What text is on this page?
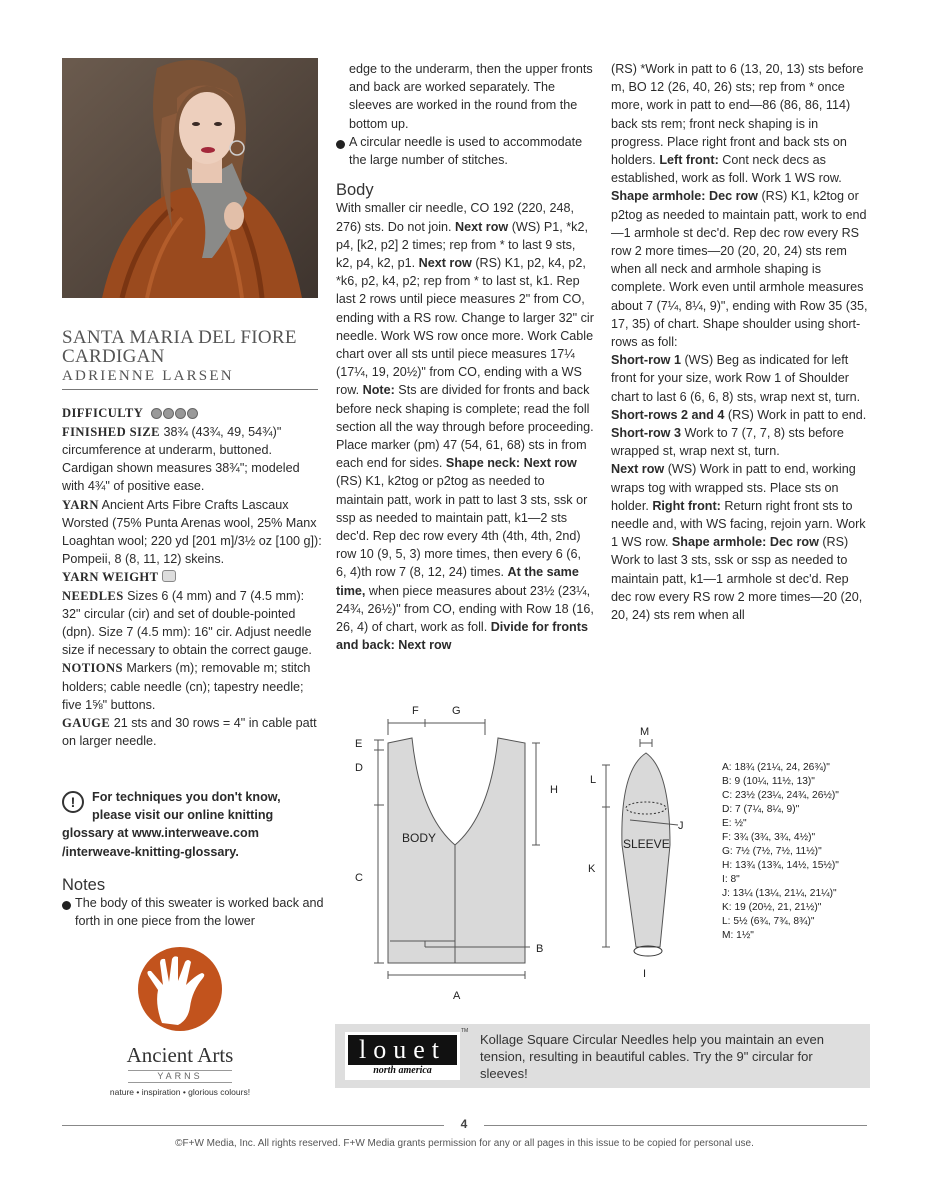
SANTA MARIA DEL FIORE CARDIGAN
ADRIENNE LARSEN

DIFFICULTY

FINISHED SIZE 38¾ (43¾, 49, 54¾)" circumference at underarm, buttoned. Cardigan shown measures 38¾"; modeled with 4¾" of positive ease.

YARN Ancient Arts Fibre Crafts Lascaux Worsted (75% Punta Arenas wool, 25% Manx Loaghtan wool; 220 yd [201 m]/3½ oz [100 g]): Pompeii, 8 (8, 11, 12) skeins.

YARN WEIGHT

NEEDLES Sizes 6 (4 mm) and 7 (4.5 mm): 32" circular (cir) and set of double-pointed (dpn). Size 7 (4.5 mm): 16" cir. Adjust needle size if necessary to obtain the correct gauge.

NOTIONS Markers (m); removable m; stitch holders; cable needle (cn); tapestry needle; five 1⅝" buttons.

GAUGE 21 sts and 30 rows = 4" in cable patt on larger needle.

!	For techniques you don't know,
please visit our online knitting
glossary at www.interweave.com
/interweave-knitting-glossary.
Notes

› The body of this sweater is worked back and forth in one piece from the lower

edge to the underarm, then the upper fronts and back are worked separately. The sleeves are worked in the round from the bottom up.

› A circular needle is used to accommodate the large number of stitches.

Body

With smaller cir needle, CO 192 (220, 248, 276) sts. Do not join. Next row (WS) P1, *k2, p4, [k2, p2] 2 times; rep from * to last 9 sts, k2, p4, k2, p1. Next row (RS) K1, p2, k4, p2, *k6, p2, k4, p2; rep from * to last st, k1. Rep last 2 rows until piece measures 2" from CO, ending with a RS row. Change to larger 32" cir needle. Work WS row once more. Work Cable chart over all sts until piece measures 17¼ (17¼, 19, 20½)" from CO, ending with a WS row. Note: Sts are divided for fronts and back before neck shaping is complete; read the foll section all the way through before proceeding. Place marker (pm) 47 (54, 61, 68) sts in from each end for sides. Shape neck: Next row (RS) K1, k2tog or p2tog as needed to maintain patt, work in patt to last 3 sts, ssk or ssp as needed to maintain patt, k1—2 sts dec'd. Rep dec row every 4th (4th, 4th, 2nd) row 10 (9, 5, 3) more times, then every 6 (6, 6, 4)th row 7 (8, 12, 24) times. At the same time, when piece measures about 23½ (23¼, 24¾, 26½)" from CO, ending with Row 18 (16, 26, 4) of chart, work as foll. Divide for fronts and back: Next row

(RS) *Work in patt to 6 (13, 20, 13) sts before m, BO 12 (26, 40, 26) sts; rep from * once more, work in patt to end—86 (86, 86, 114) back sts rem; front neck shaping is in progress. Place right front and back sts on holders. Left front: Cont neck decs as established, work as foll. Work 1 WS row. Shape armhole: Dec row (RS) K1, k2tog or p2tog as needed to maintain patt, work to end—1 armhole st dec'd. Rep dec row every RS row 2 more times—20 (20, 20, 24) sts rem when all neck and armhole shaping is complete. Work even until armhole measures about 7 (7¼, 8¼, 9)", ending with Row 35 (35, 17, 35) of chart. Shape shoulder using short-rows as foll:

Short-row 1 (WS) Beg as indicated for left front for your size, work Row 1 of Shoulder chart to last 6 (6, 6, 8) sts, wrap next st, turn.

Short-rows 2 and 4 (RS) Work in patt to end.

Short-row 3 Work to 7 (7, 7, 8) sts before wrapped st, wrap next st, turn.

Next row (WS) Work in patt to end, working wraps tog with wrapped sts. Place sts on holder. Right front: Return right front sts to needle and, with WS facing, rejoin yarn. Work 1 WS row. Shape armhole: Dec row (RS) Work to last 3 sts, ssk or ssp as needed to maintain patt, k1—1 armhole st dec'd. Rep dec row every RS row 2 more times—20 (20, 20, 24) sts rem when all

BODY
F	G
E
D
C
H
B
A
SLEEVE
J
M
L
K
I
A: 18¾ (21¼, 24, 26¾)"
B: 9 (10¼, 11½, 13)"
C: 23½ (23¼, 24¾, 26½)"
D: 7 (7¼, 8¼, 9)"
E: ½"
F: 3¾ (3¾, 3¾, 4½)"
G: 7½ (7½, 7½, 11½)"
H: 13¾ (13¾, 14½, 15½)"
I: 8"
J: 13¼ (13¼, 21¼, 21¼)"
K: 19 (20½, 21, 21½)"
L: 5½ (6¾, 7¾, 8¾)"
M: 1½"
Ancient Arts
YARNS
nature • inspiration • glorious colours!
louet
north america
TM
Kollage Square Circular Needles help you maintain an even tension, resulting in beautiful cables. Try the 9" circular for sleeves!
4
©F+W Media, Inc. All rights reserved. F+W Media grants permission for any or all pages in this issue to be copied for personal use.
